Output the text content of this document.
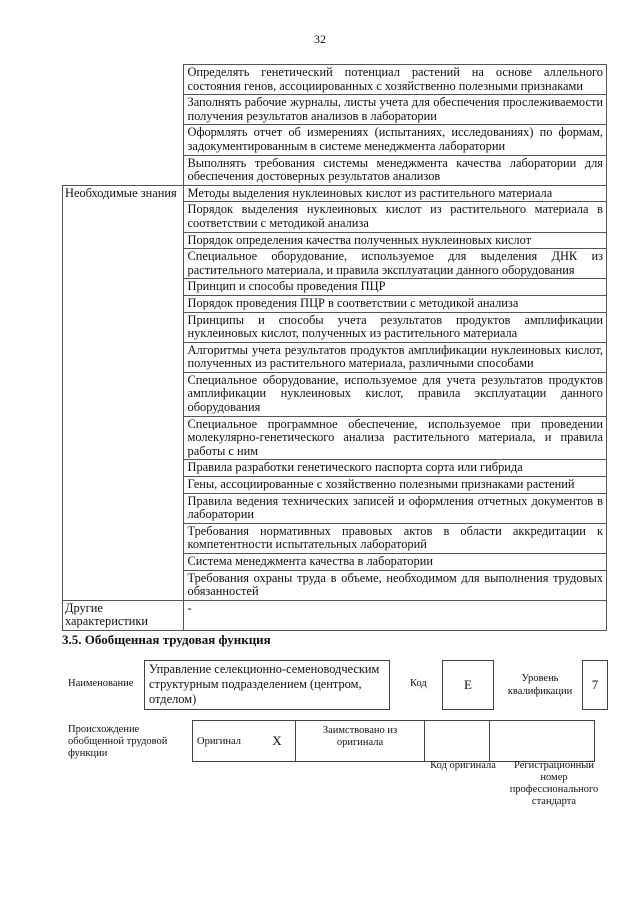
32
	Определять генетический потенциал растений на основе аллельного состояния генов, ассоциированных с хозяйственно полезными признаками
	Заполнять рабочие журналы, листы учета для обеспечения прослеживаемости получения результатов анализов в лаборатории
	Оформлять отчет об измерениях (испытаниях, исследованиях) по формам, задокументированным в системе менеджмента лаборатории
	Выполнять требования системы менеджмента качества лаборатории для обеспечения достоверных результатов анализов
Необходимые знания	Методы выделения нуклеиновых кислот из растительного материала
	Порядок выделения нуклеиновых кислот из растительного материала в соответствии с методикой анализа
	Порядок определения качества полученных нуклеиновых кислот
	Специальное оборудование, используемое для выделения ДНК из растительного материала, и правила эксплуатации данного оборудования
	Принцип и способы проведения ПЦР
	Порядок проведения ПЦР в соответствии с методикой анализа
	Принципы и способы учета результатов продуктов амплификации нуклеиновых кислот, полученных из растительного материала
	Алгоритмы учета результатов продуктов амплификации нуклеиновых кислот, полученных из растительного материала, различными способами
	Специальное оборудование, используемое для учета результатов продуктов амплификации нуклеиновых кислот, правила эксплуатации данного оборудования
	Специальное программное обеспечение, используемое при проведении молекулярно-генетического анализа растительного материала, и правила работы с ним
	Правила разработки генетического паспорта сорта или гибрида
	Гены, ассоциированные с хозяйственно полезными признаками растений
	Правила ведения технических записей и оформления отчетных документов в лаборатории
	Требования нормативных правовых актов в области аккредитации к компетентности испытательных лабораторий
	Система менеджмента качества в лаборатории
	Требования охраны труда в объеме, необходимом для выполнения трудовых обязанностей
Другие характеристики	-
3.5. Обобщенная трудовая функция
Наименование
Управление селекционно-семеноводческим структурным подразделением (центром, отделом)
Код	E	Уровень квалификации	7
Происхождение обобщенной трудовой функции
Оригинал	X	Заимствовано из оригинала		
Код оригинала	Регистрационный номер профессионального стандарта
